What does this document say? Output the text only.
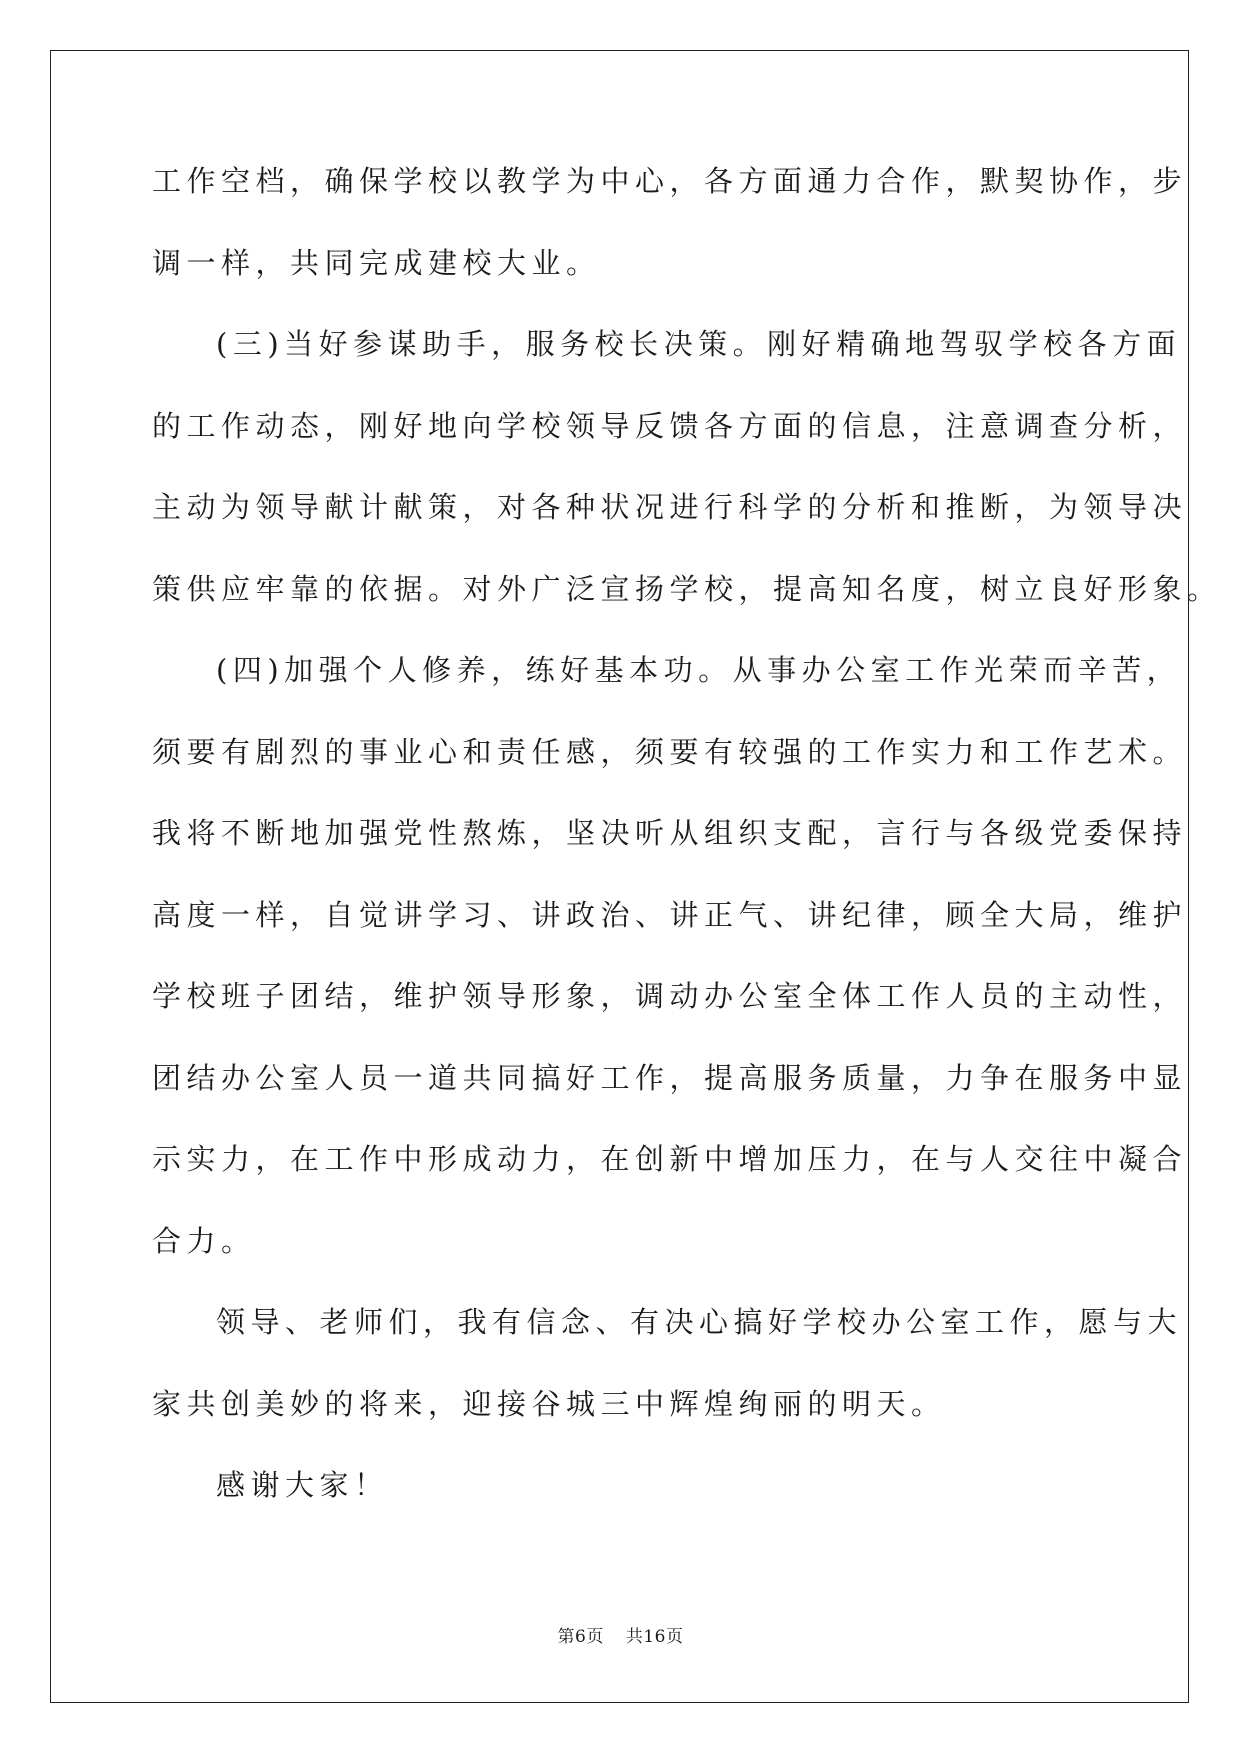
工作空档，确保学校以教学为中心，各方面通力合作，默契协作，步
调一样，共同完成建校大业。
(三)当好参谋助手，服务校长决策。刚好精确地驾驭学校各方面
的工作动态，刚好地向学校领导反馈各方面的信息，注意调查分析，
主动为领导献计献策，对各种状况进行科学的分析和推断，为领导决
策供应牢靠的依据。对外广泛宣扬学校，提高知名度，树立良好形象。
(四)加强个人修养，练好基本功。从事办公室工作光荣而辛苦，
须要有剧烈的事业心和责任感，须要有较强的工作实力和工作艺术。
我将不断地加强党性熬炼，坚决听从组织支配，言行与各级党委保持
高度一样，自觉讲学习、讲政治、讲正气、讲纪律，顾全大局，维护
学校班子团结，维护领导形象，调动办公室全体工作人员的主动性，
团结办公室人员一道共同搞好工作，提高服务质量，力争在服务中显
示实力，在工作中形成动力，在创新中增加压力，在与人交往中凝合
合力。
领导、老师们，我有信念、有决心搞好学校办公室工作，愿与大
家共创美妙的将来，迎接谷城三中辉煌绚丽的明天。
感谢大家！
第6页 共16页
